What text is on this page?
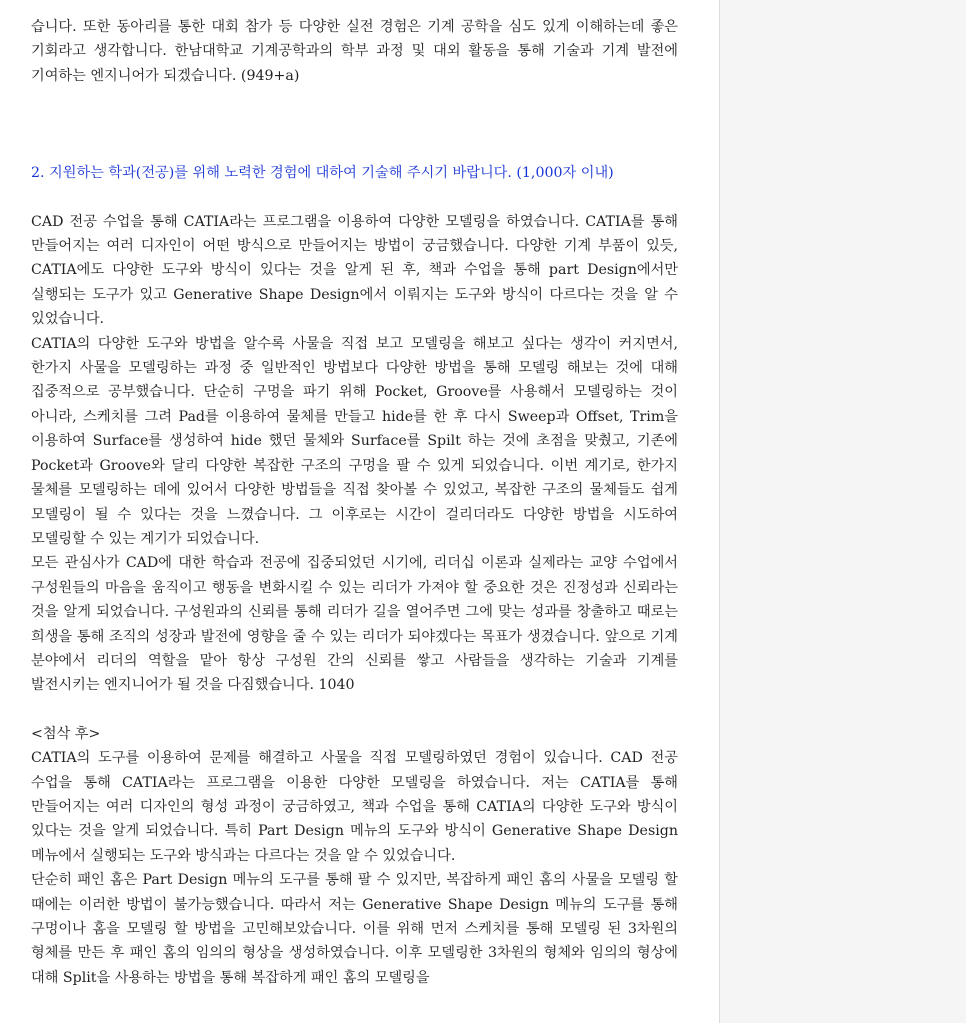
습니다. 또한 동아리를 통한 대회 참가 등 다양한 실전 경험은 기계 공학을 심도 있게 이해하는데 좋은 기회라고 생각합니다. 한남대학교 기계공학과의 학부 과정 및 대외 활동을 통해 기술과 기계 발전에 기여하는 엔지니어가 되겠습니다. (949+a)

2. 지원하는 학과(전공)를 위해 노력한 경험에 대하여 기술해 주시기 바랍니다. (1,000자 이내)

CAD 전공 수업을 통해 CATIA라는 프로그램을 이용하여 다양한 모델링을 하였습니다. CATIA를 통해 만들어지는 여러 디자인이 어떤 방식으로 만들어지는 방법이 궁금했습니다. 다양한 기계 부품이 있듯, CATIA에도 다양한 도구와 방식이 있다는 것을 알게 된 후, 책과 수업을 통해 part Design에서만 실행되는 도구가 있고 Generative Shape Design에서 이뤄지는 도구와 방식이 다르다는 것을 알 수 있었습니다.

CATIA의 다양한 도구와 방법을 알수록 사물을 직접 보고 모델링을 해보고 싶다는 생각이 커지면서, 한가지 사물을 모델링하는 과정 중 일반적인 방법보다 다양한 방법을 통해 모델링 해보는 것에 대해 집중적으로 공부했습니다. 단순히 구멍을 파기 위해 Pocket, Groove를 사용해서 모델링하는 것이 아니라, 스케치를 그려 Pad를 이용하여 물체를 만들고 hide를 한 후 다시 Sweep과 Offset, Trim을 이용하여 Surface를 생성하여 hide 했던 물체와 Surface를 Spilt 하는 것에 초점을 맞췄고, 기존에 Pocket과 Groove와 달리 다양한 복잡한 구조의 구멍을 팔 수 있게 되었습니다. 이번 계기로, 한가지 물체를 모델링하는 데에 있어서 다양한 방법들을 직접 찾아볼 수 있었고, 복잡한 구조의 물체들도 쉽게 모델링이 될 수 있다는 것을 느꼈습니다. 그 이후로는 시간이 걸리더라도 다양한 방법을 시도하여 모델링할 수 있는 계기가 되었습니다.

모든 관심사가 CAD에 대한 학습과 전공에 집중되었던 시기에, 리더십 이론과 실제라는 교양 수업에서 구성원들의 마음을 움직이고 행동을 변화시킬 수 있는 리더가 가져야 할 중요한 것은 진정성과 신뢰라는 것을 알게 되었습니다. 구성원과의 신뢰를 통해 리더가 길을 열어주면 그에 맞는 성과를 창출하고 때로는 희생을 통해 조직의 성장과 발전에 영향을 줄 수 있는 리더가 되야겠다는 목표가 생겼습니다. 앞으로 기계 분야에서 리더의 역할을 맡아 항상 구성원 간의 신뢰를 쌓고 사람들을 생각하는 기술과 기계를 발전시키는 엔지니어가 될 것을 다짐했습니다. 1040

<첨삭 후>

CATIA의 도구를 이용하여 문제를 해결하고 사물을 직접 모델링하였던 경험이 있습니다. CAD 전공 수업을 통해 CATIA라는 프로그램을 이용한 다양한 모델링을 하였습니다. 저는 CATIA를 통해 만들어지는 여러 디자인의 형성 과정이 궁금하였고, 책과 수업을 통해 CATIA의 다양한 도구와 방식이 있다는 것을 알게 되었습니다. 특히 Part Design 메뉴의 도구와 방식이 Generative Shape Design 메뉴에서 실행되는 도구와 방식과는 다르다는 것을 알 수 있었습니다.

단순히 패인 홈은 Part Design 메뉴의 도구를 통해 팔 수 있지만, 복잡하게 패인 홈의 사물을 모델링 할 때에는 이러한 방법이 불가능했습니다. 따라서 저는 Generative Shape Design 메뉴의 도구를 통해 구멍이나 홈을 모델링 할 방법을 고민해보았습니다. 이를 위해 먼저 스케치를 통해 모델링 된 3차원의 형체를 만든 후 패인 홈의 임의의 형상을 생성하였습니다. 이후 모델링한 3차원의 형체와 임의의 형상에 대해 Split을 사용하는 방법을 통해 복잡하게 패인 홈의 모델링을
